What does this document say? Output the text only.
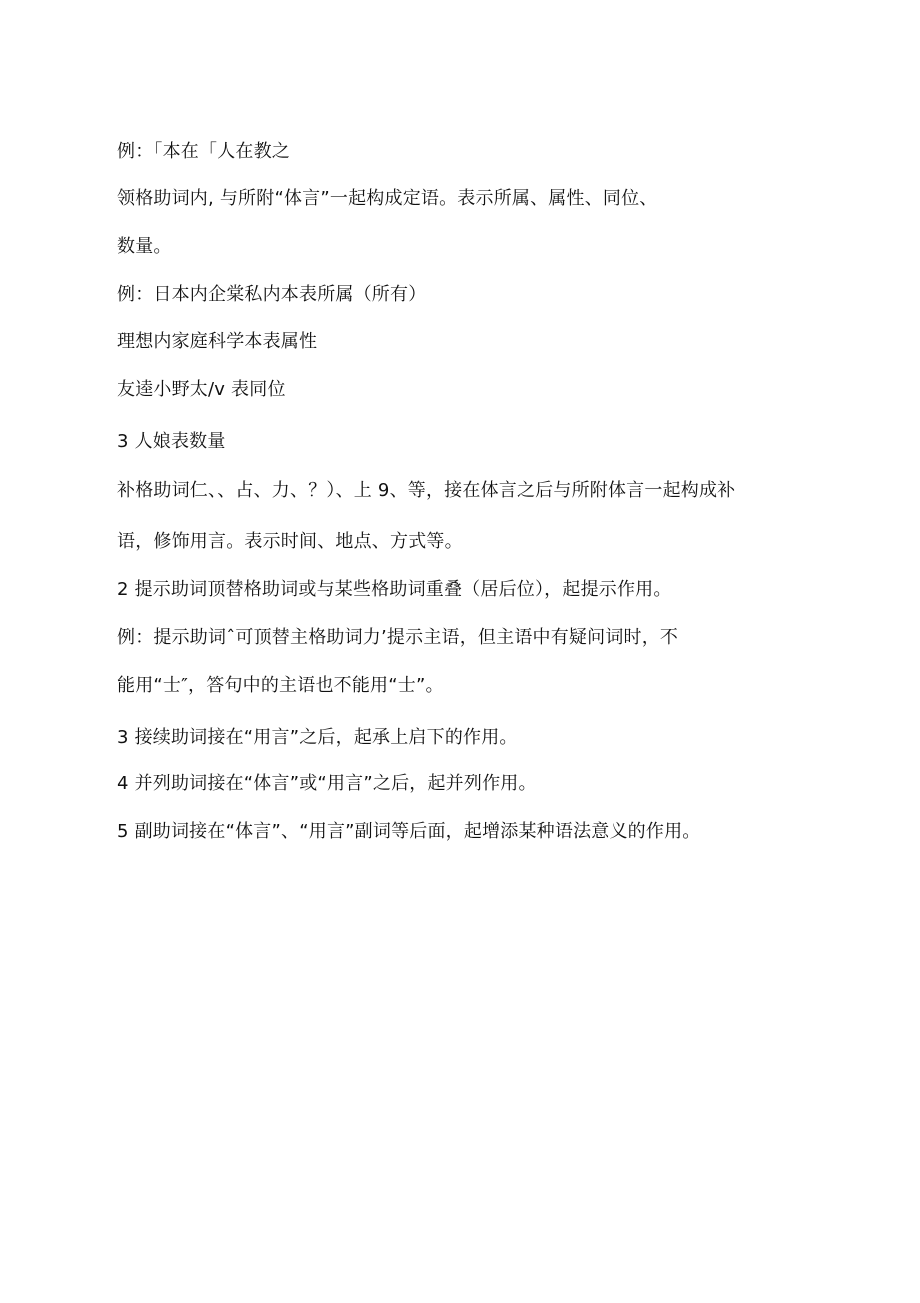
例：「本在「人在教之
领格助词内, 与所附“体言”一起构成定语。表示所属、属性、同位、
数量。
例：日本内企棠私内本表所属（所有）
理想内家庭科学本表属性
友逵小野太/v 表同位
3 人娘表数量
补格助词仁、、占、力、？）、上 9、等，接在体言之后与所附体言一起构成补
语，修饰用言。表示时间、地点、方式等。
2 提示助词顶替格助词或与某些格助词重叠（居后位），起提示作用。
例：提示助词ˆ可顶替主格助词力’提示主语，但主语中有疑问词时，不
能用“士″，答句中的主语也不能用“士”。
3 接续助词接在“用言”之后，起承上启下的作用。
4 并列助词接在“体言”或“用言”之后，起并列作用。
5 副助词接在“体言”、“用言”副词等后面，起增添某种语法意义的作用。
